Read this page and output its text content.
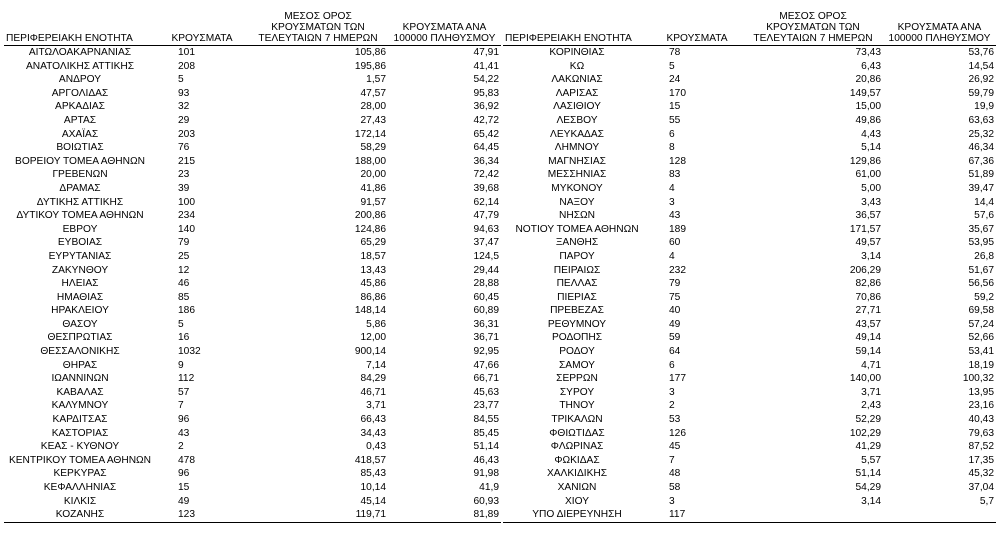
ΠΕΡΙΦΕΡΕΙΑΚΗ ΕΝΟΤΗΤΑ	ΚΡΟΥΣΜΑΤΑ	ΜΕΣΟΣ ΟΡΟΣ ΚΡΟΥΣΜΑΤΩΝ ΤΩΝ ΤΕΛΕΥΤΑΙΩΝ 7 ΗΜΕΡΩΝ	ΚΡΟΥΣΜΑΤΑ ΑΝΑ 100000 ΠΛΗΘΥΣΜΟΥ
ΑΙΤΩΛΟΑΚΑΡΝΑΝΙΑΣ	101	105,86	47,91
ΑΝΑΤΟΛΙΚΗΣ ΑΤΤΙΚΗΣ	208	195,86	41,41
ΑΝΔΡΟΥ	5	1,57	54,22
ΑΡΓΟΛΙΔΑΣ	93	47,57	95,83
ΑΡΚΑΔΙΑΣ	32	28,00	36,92
ΑΡΤΑΣ	29	27,43	42,72
ΑΧΑΪΑΣ	203	172,14	65,42
ΒΟΙΩΤΙΑΣ	76	58,29	64,45
ΒΟΡΕΙΟΥ ΤΟΜΕΑ ΑΘΗΝΩΝ	215	188,00	36,34
ΓΡΕΒΕΝΩΝ	23	20,00	72,42
ΔΡΑΜΑΣ	39	41,86	39,68
ΔΥΤΙΚΗΣ ΑΤΤΙΚΗΣ	100	91,57	62,14
ΔΥΤΙΚΟΥ ΤΟΜΕΑ ΑΘΗΝΩΝ	234	200,86	47,79
ΕΒΡΟΥ	140	124,86	94,63
ΕΥΒΟΙΑΣ	79	65,29	37,47
ΕΥΡΥΤΑΝΙΑΣ	25	18,57	124,5
ΖΑΚΥΝΘΟΥ	12	13,43	29,44
ΗΛΕΙΑΣ	46	45,86	28,88
ΗΜΑΘΙΑΣ	85	86,86	60,45
ΗΡΑΚΛΕΙΟΥ	186	148,14	60,89
ΘΑΣΟΥ	5	5,86	36,31
ΘΕΣΠΡΩΤΙΑΣ	16	12,00	36,71
ΘΕΣΣΑΛΟΝΙΚΗΣ	1032	900,14	92,95
ΘΗΡΑΣ	9	7,14	47,66
ΙΩΑΝΝΙΝΩΝ	112	84,29	66,71
ΚΑΒΑΛΑΣ	57	46,71	45,63
ΚΑΛΥΜΝΟΥ	7	3,71	23,77
ΚΑΡΔΙΤΣΑΣ	96	66,43	84,55
ΚΑΣΤΟΡΙΑΣ	43	34,43	85,45
ΚΕΑΣ - ΚΥΘΝΟΥ	2	0,43	51,14
ΚΕΝΤΡΙΚΟΥ ΤΟΜΕΑ ΑΘΗΝΩΝ	478	418,57	46,43
ΚΕΡΚΥΡΑΣ	96	85,43	91,98
ΚΕΦΑΛΛΗΝΙΑΣ	15	10,14	41,9
ΚΙΛΚΙΣ	49	45,14	60,93
ΚΟΖΑΝΗΣ	123	119,71	81,89
ΠΕΡΙΦΕΡΕΙΑΚΗ ΕΝΟΤΗΤΑ	ΚΡΟΥΣΜΑΤΑ	ΜΕΣΟΣ ΟΡΟΣ ΚΡΟΥΣΜΑΤΩΝ ΤΩΝ ΤΕΛΕΥΤΑΙΩΝ 7 ΗΜΕΡΩΝ	ΚΡΟΥΣΜΑΤΑ ΑΝΑ 100000 ΠΛΗΘΥΣΜΟΥ
ΚΟΡΙΝΘΙΑΣ	78	73,43	53,76
ΚΩ	5	6,43	14,54
ΛΑΚΩΝΙΑΣ	24	20,86	26,92
ΛΑΡΙΣΑΣ	170	149,57	59,79
ΛΑΣΙΘΙΟΥ	15	15,00	19,9
ΛΕΣΒΟΥ	55	49,86	63,63
ΛΕΥΚΑΔΑΣ	6	4,43	25,32
ΛΗΜΝΟΥ	8	5,14	46,34
ΜΑΓΝΗΣΙΑΣ	128	129,86	67,36
ΜΕΣΣΗΝΙΑΣ	83	61,00	51,89
ΜΥΚΟΝΟΥ	4	5,00	39,47
ΝΑΞΟΥ	3	3,43	14,4
ΝΗΣΩΝ	43	36,57	57,6
ΝΟΤΙΟΥ ΤΟΜΕΑ ΑΘΗΝΩΝ	189	171,57	35,67
ΞΑΝΘΗΣ	60	49,57	53,95
ΠΑΡΟΥ	4	3,14	26,8
ΠΕΙΡΑΙΩΣ	232	206,29	51,67
ΠΕΛΛΑΣ	79	82,86	56,56
ΠΙΕΡΙΑΣ	75	70,86	59,2
ΠΡΕΒΕΖΑΣ	40	27,71	69,58
ΡΕΘΥΜΝΟΥ	49	43,57	57,24
ΡΟΔΟΠΗΣ	59	49,14	52,66
ΡΟΔΟΥ	64	59,14	53,41
ΣΑΜΟΥ	6	4,71	18,19
ΣΕΡΡΩΝ	177	140,00	100,32
ΣΥΡΟΥ	3	3,71	13,95
ΤΗΝΟΥ	2	2,43	23,16
ΤΡΙΚΑΛΩΝ	53	52,29	40,43
ΦΘΙΩΤΙΔΑΣ	126	102,29	79,63
ΦΛΩΡΙΝΑΣ	45	41,29	87,52
ΦΩΚΙΔΑΣ	7	5,57	17,35
ΧΑΛΚΙΔΙΚΗΣ	48	51,14	45,32
ΧΑΝΙΩΝ	58	54,29	37,04
ΧΙΟΥ	3	3,14	5,7
ΥΠΟ ΔΙΕΡΕΥΝΗΣΗ	117		
